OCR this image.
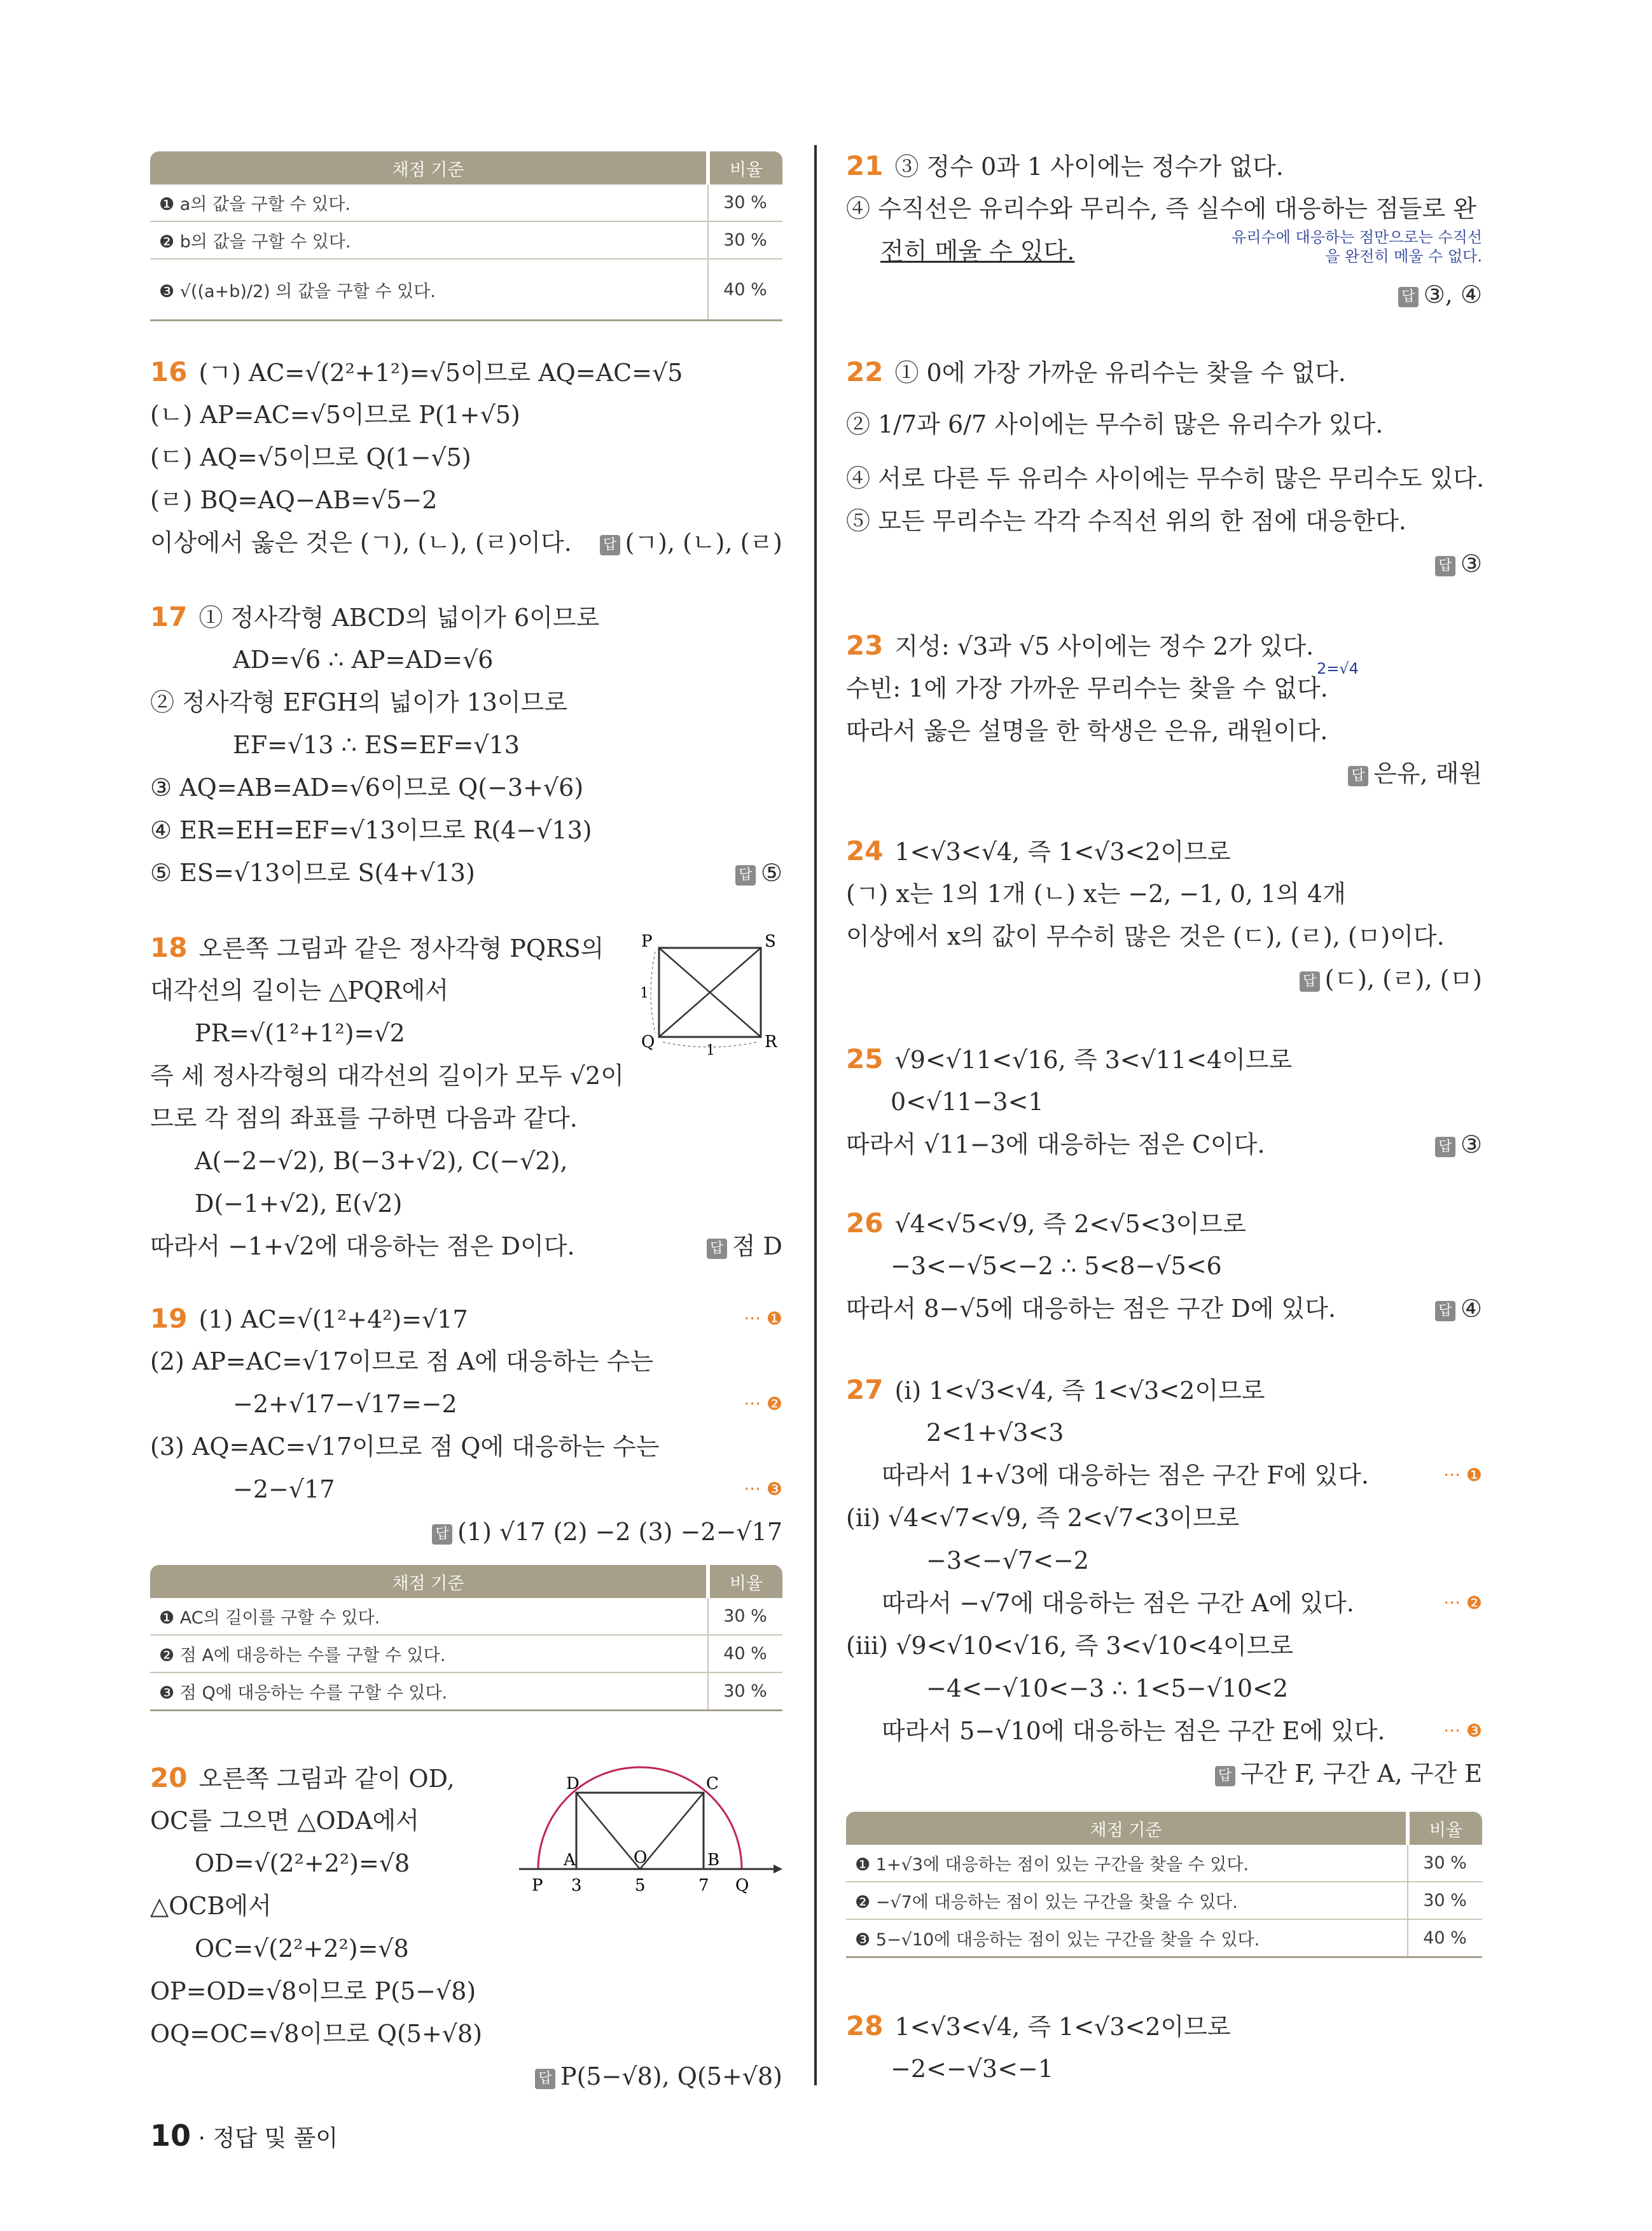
채점 기준	비율
❶ a의 값을 구할 수 있다.	30 %
❷ b의 값을 구할 수 있다.	30 %
❸ √((a+b)/2) 의 값을 구할 수 있다.	40 %
16 (ㄱ) AC=√(2²+1²)=√5이므로 AQ=AC=√5
(ㄴ) AP=AC=√5이므로 P(1+√5)
(ㄷ) AQ=√5이므로 Q(1−√5)
(ㄹ) BQ=AQ−AB=√5−2
이상에서 옳은 것은 (ㄱ), (ㄴ), (ㄹ)이다. 답 (ㄱ), (ㄴ), (ㄹ)
17 ① 정사각형 ABCD의 넓이가 6이므로
AD=√6 ∴ AP=AD=√6
② 정사각형 EFGH의 넓이가 13이므로
EF=√13 ∴ ES=EF=√13
③ AQ=AB=AD=√6이므로 Q(−3+√6)
④ ER=EH=EF=√13이므로 R(4−√13)
⑤ ES=√13이므로 S(4+√13)	답 ⑤
18 오른쪽 그림과 같은 정사각형 PQRS의
대각선의 길이는 △PQR에서
PR=√(1²+1²)=√2
즉 세 정사각형의 대각선의 길이가 모두 √2이
므로 각 점의 좌표를 구하면 다음과 같다.
A(−2−√2), B(−3+√2), C(−√2),
D(−1+√2), E(√2)
따라서 −1+√2에 대응하는 점은 D이다.	답 점 D
P	S
Q	R
1
1
19 (1) AC=√(1²+4²)=√17	··· ❶
(2) AP=AC=√17이므로 점 A에 대응하는 수는
−2+√17−√17=−2	··· ❷
(3) AQ=AC=√17이므로 점 Q에 대응하는 수는
−2−√17	··· ❸
답 (1) √17 (2) −2 (3) −2−√17
채점 기준	비율
❶ AC의 길이를 구할 수 있다.	30 %
❷ 점 A에 대응하는 수를 구할 수 있다.	40 %
❸ 점 Q에 대응하는 수를 구할 수 있다.	30 %
20 오른쪽 그림과 같이 OD,
OC를 그으면 △ODA에서
OD=√(2²+2²)=√8
△OCB에서
OC=√(2²+2²)=√8
OP=OD=√8이므로 P(5−√8)
OQ=OC=√8이므로 Q(5+√8)
답 P(5−√8), Q(5+√8)
D	C
A	O	B
P 3	5	7 Q
21 ③ 정수 0과 1 사이에는 정수가 없다.
④ 수직선은 유리수와 무리수, 즉 실수에 대응하는 점들로 완
전히 메울 수 있다.	유리수에 대응하는 점만으로는 수직선을 완전히 메울 수 없다.
답 ③, ④
22 ① 0에 가장 가까운 유리수는 찾을 수 없다.
② 1/7과 6/7 사이에는 무수히 많은 유리수가 있다.
④ 서로 다른 두 유리수 사이에는 무수히 많은 무리수도 있다.
⑤ 모든 무리수는 각각 수직선 위의 한 점에 대응한다.
답 ③
23 지성: √3과 √5 사이에는 정수 2가 있다.
2=√4
수빈: 1에 가장 가까운 무리수는 찾을 수 없다.
따라서 옳은 설명을 한 학생은 은유, 래원이다.
답 은유, 래원
24 1<√3<√4, 즉 1<√3<2이므로
(ㄱ) x는 1의 1개 (ㄴ) x는 −2, −1, 0, 1의 4개
이상에서 x의 값이 무수히 많은 것은 (ㄷ), (ㄹ), (ㅁ)이다.
답 (ㄷ), (ㄹ), (ㅁ)
25 √9<√11<√16, 즉 3<√11<4이므로
0<√11−3<1
따라서 √11−3에 대응하는 점은 C이다.	답 ③
26 √4<√5<√9, 즉 2<√5<3이므로
−3<−√5<−2 ∴ 5<8−√5<6
따라서 8−√5에 대응하는 점은 구간 D에 있다.	답 ④
27 (ⅰ) 1<√3<√4, 즉 1<√3<2이므로
2<1+√3<3
따라서 1+√3에 대응하는 점은 구간 F에 있다.	··· ❶
(ⅱ) √4<√7<√9, 즉 2<√7<3이므로
−3<−√7<−2
따라서 −√7에 대응하는 점은 구간 A에 있다.	··· ❷
(ⅲ) √9<√10<√16, 즉 3<√10<4이므로
−4<−√10<−3 ∴ 1<5−√10<2
따라서 5−√10에 대응하는 점은 구간 E에 있다.	··· ❸
답 구간 F, 구간 A, 구간 E
채점 기준	비율
❶ 1+√3에 대응하는 점이 있는 구간을 찾을 수 있다.	30 %
❷ −√7에 대응하는 점이 있는 구간을 찾을 수 있다.	30 %
❸ 5−√10에 대응하는 점이 있는 구간을 찾을 수 있다.	40 %
28 1<√3<√4, 즉 1<√3<2이므로
−2<−√3<−1
10 · 정답 및 풀이
